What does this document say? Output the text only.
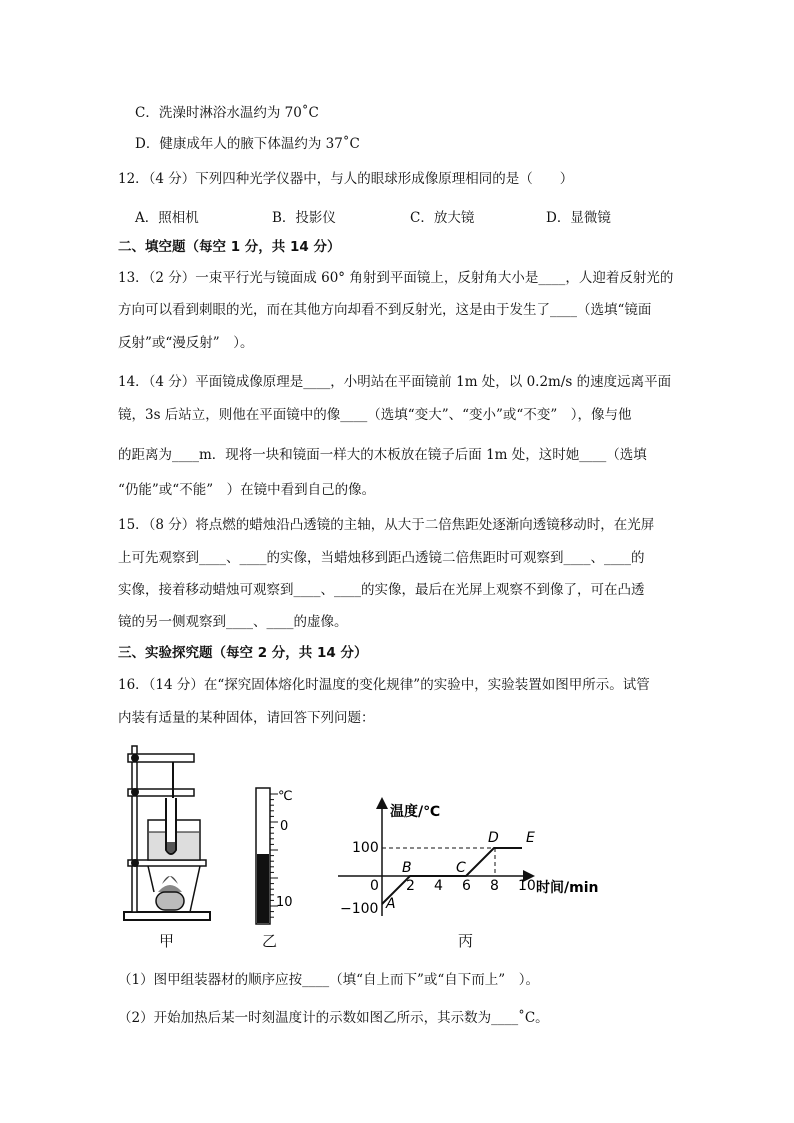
C．洗澡时淋浴水温约为 70˚C
D．健康成年人的腋下体温约为 37˚C
12．（4 分）下列四种光学仪器中，与人的眼球形成像原理相同的是（　　）
A．照相机	B．投影仪	C．放大镜	D．显微镜
二、填空题（每空 1 分，共 14 分）
13．（2 分）一束平行光与镜面成 60° 角射到平面镜上，反射角大小是____，人迎着反射光的
方向可以看到刺眼的光，而在其他方向却看不到反射光，这是由于发生了____（选填“镜面
反射”或“漫反射”　）。
14．（4 分）平面镜成像原理是____，小明站在平面镜前 1m 处，以 0.2m/s 的速度远离平面
镜，3s 后站立，则他在平面镜中的像____（选填“变大”、“变小”或“不变”　），像与他
的距离为____m．现将一块和镜面一样大的木板放在镜子后面 1m 处，这时她____（选填
“仍能”或“不能”　）在镜中看到自己的像。
15．（8 分）将点燃的蜡烛沿凸透镜的主轴，从大于二倍焦距处逐渐向透镜移动时，在光屏
上可先观察到____、____的实像，当蜡烛移到距凸透镜二倍焦距时可观察到____、____的
实像，接着移动蜡烛可观察到____、____的实像，最后在光屏上观察不到像了，可在凸透
镜的另一侧观察到____、____的虚像。
三、实验探究题（每空 2 分，共 14 分）
16．（14 分）在“探究固体熔化时温度的变化规律”的实验中，实验装置如图甲所示。试管
内装有适量的某种固体，请回答下列问题：
甲
℃
0
10
乙
温度/℃
时间/min
100
−100
0 2 4 6 8 10
A
B	C
D E
丙
（1）图甲组装器材的顺序应按____（填“自上而下”或“自下而上”　）。
（2）开始加热后某一时刻温度计的示数如图乙所示，其示数为____˚C。
